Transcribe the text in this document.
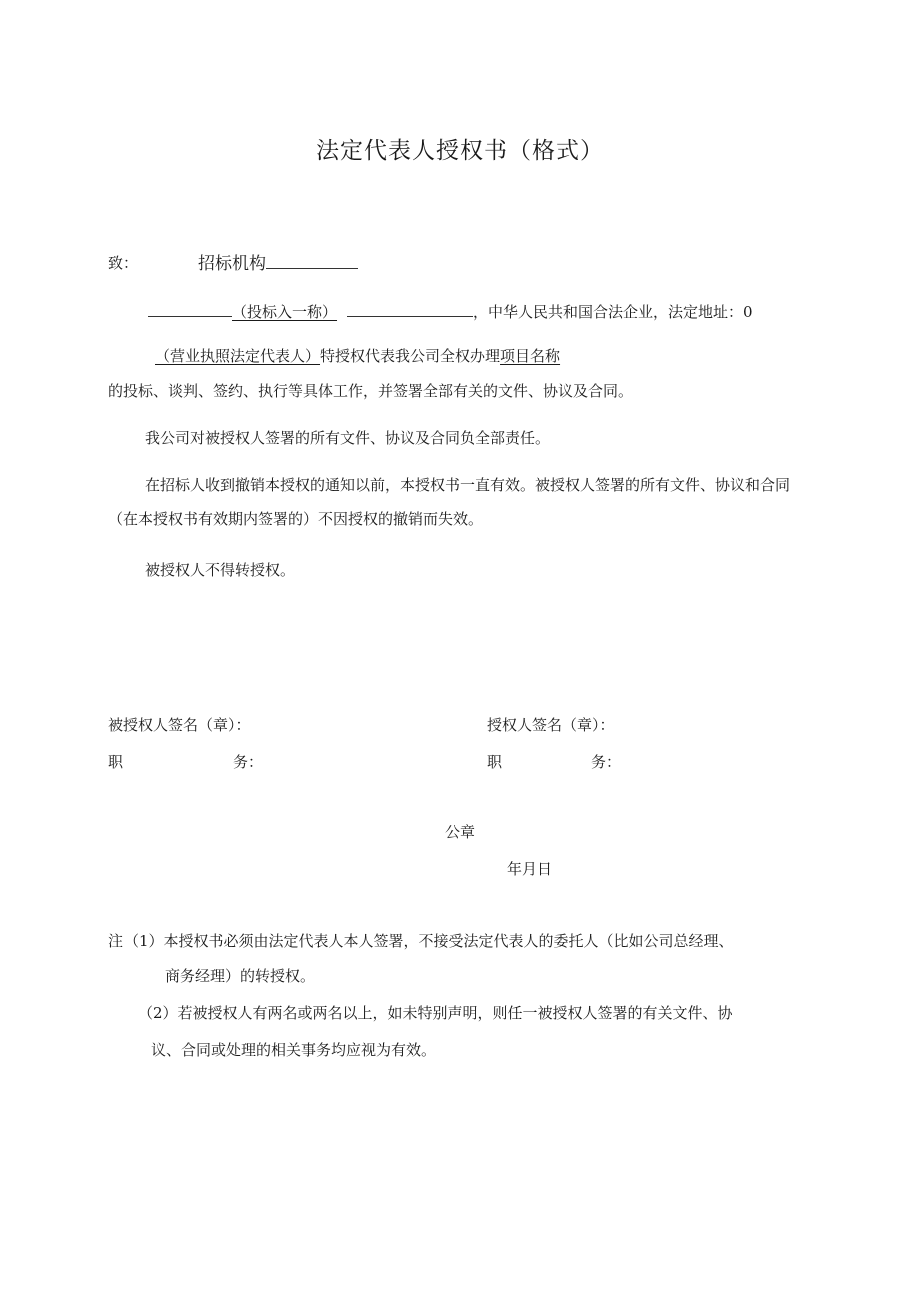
法定代表人授权书（格式）
致：	招标机构
（投标入一称）	，中华人民共和国合法企业，法定地址：0
（营业执照法定代表人）特授权代表我公司全权办理项目名称
的投标、谈判、签约、执行等具体工作，并签署全部有关的文件、协议及合同。
我公司对被授权人签署的所有文件、协议及合同负全部责任。
在招标人收到撤销本授权的通知以前，本授权书一直有效。被授权人签署的所有文件、协议和合同（在本授权书有效期内签署的）不因授权的撤销而失效。
被授权人不得转授权。
被授权人签名（章）：	授权人签名（章）：
职	务：	职	务：
公章
年月日
注 （1）本授权书必须由法定代表人本人签署，不接受法定代表人的委托人（比如公司总经理、
商务经理）的转授权。
（2）若被授权人有两名或两名以上，如未特别声明，则任一被授权人签署的有关文件、协
议、合同或处理的相关事务均应视为有效。
